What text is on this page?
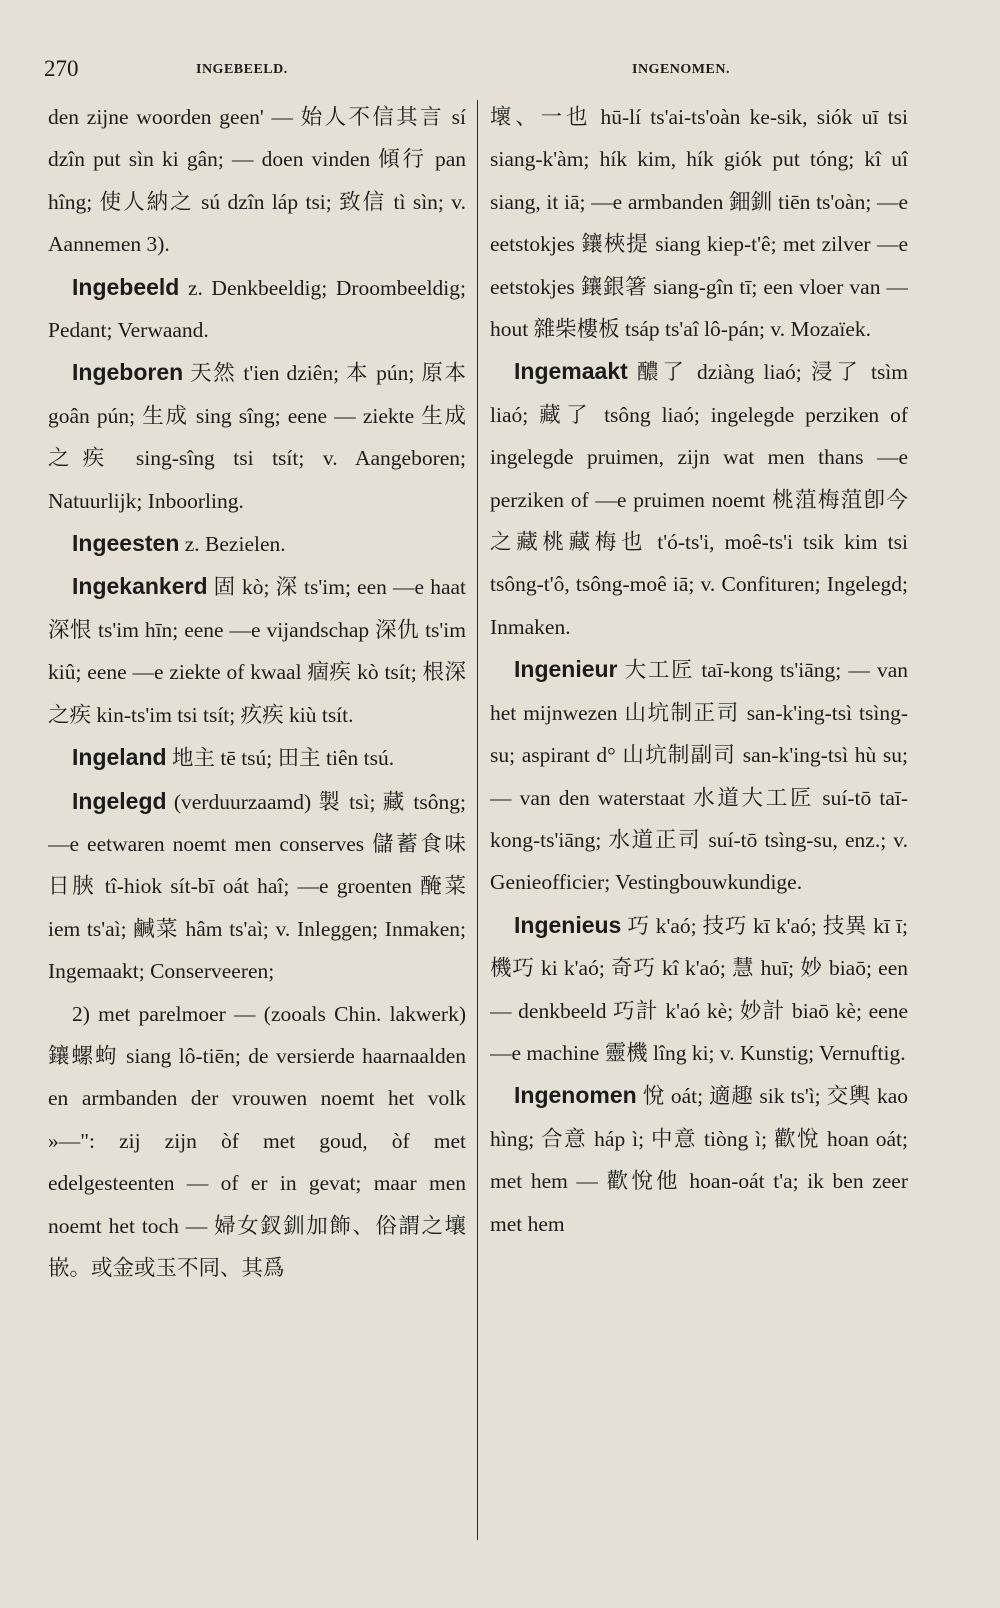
270	INGEBEELD.	INGENOMEN.
den zijne woorden geen' — 始人不信其言 sí dzîn put sìn ki gân; — doen vinden 傾行 pan hîng; 使人納之 sú dzîn láp tsi; 致信 tì sìn; v. Aannemen 3).
Ingebeeld z. Denkbeeldig; Droombeeldig; Pedant; Verwaand.
Ingeboren 天然 t'ien dziên; 本 pún; 原本 goân pún; 生成 sing sîng; eene — ziekte 生成之疾 sing-sîng tsi tsít; v. Aangeboren; Natuurlijk; Inboorling.
Ingeesten z. Bezielen.
Ingekankerd 固 kò; 深 ts'im; een —e haat 深恨 ts'im hīn; eene —e vijandschap 深仇 ts'im kiû; eene —e ziekte of kwaal 痼疾 kò tsít; 根深之疾 kin-ts'im tsi tsít; 疚疾 kiù tsít.
Ingeland 地主 tē tsú; 田主 tiên tsú.
Ingelegd (verduurzaamd) 製 tsì; 藏 tsông; —e eetwaren noemt men conserves 儲蓄食味日脥 tî-hiok sít-bī oát haî; —e groenten 醃菜 iem ts'aì; 鹹菜 hâm ts'aì; v. Inleggen; Inmaken; Ingemaakt; Conserveeren;
2) met parelmoer — (zooals Chin. lakwerk) 鑲螺蚼 siang lô-tiēn; de versierde haarnaalden en armbanden der vrouwen noemt het volk »—": zij zijn òf met goud, òf met edelgesteenten — of er in gevat; maar men noemt het toch — 婦女釵釧加飾、俗謂之壤嵌。或金或玉不同、其爲
壞、一也 hū-lí ts'ai-ts'oàn ke-sik, siók uī tsi siang-k'àm; hík kim, hík giók put tóng; kî uî siang, it iā; —e armbanden 鈿釧 tiēn ts'oàn; —e eetstokjes 鑲梜提 siang kiep-t'ê; met zilver —e eetstokjes 鑲銀箸 siang-gîn tī; een vloer van — hout 雜柴樓板 tsáp ts'aî lô-pán; v. Mozaïek.
Ingemaakt 醲了 dziàng liaó; 浸了 tsìm liaó; 藏了 tsông liaó; ingelegde perziken of ingelegde pruimen, zijn wat men thans —e perziken of —e pruimen noemt 桃菹梅菹卽今之藏桃藏梅也 t'ó-ts'i, moê-ts'i tsik kim tsi tsông-t'ô, tsông-moê iā; v. Confituren; Ingelegd; Inmaken.
Ingenieur 大工匠 taī-kong ts'iāng; — van het mijnwezen 山坑制正司 san-k'ing-tsì tsìng-su; aspirant d° 山坑制副司 san-k'ing-tsì hù su; — van den waterstaat 水道大工匠 suí-tō taī-kong-ts'iāng; 水道正司 suí-tō tsìng-su, enz.; v. Genieofficier; Vestingbouwkundige.
Ingenieus 巧 k'aó; 技巧 kī k'aó; 技異 kī ī; 機巧 ki k'aó; 奇巧 kî k'aó; 慧 huī; 妙 biaō; een — denkbeeld 巧計 k'aó kè; 妙計 biaō kè; eene —e machine 靈機 lîng ki; v. Kunstig; Vernuftig.
Ingenomen 悅 oát; 適趣 sik ts'ì; 交輿 kao hìng; 合意 háp ì; 中意 tiòng ì; 歡悅 hoan oát; met hem — 歡悅他 hoan-oát t'a; ik ben zeer met hem
